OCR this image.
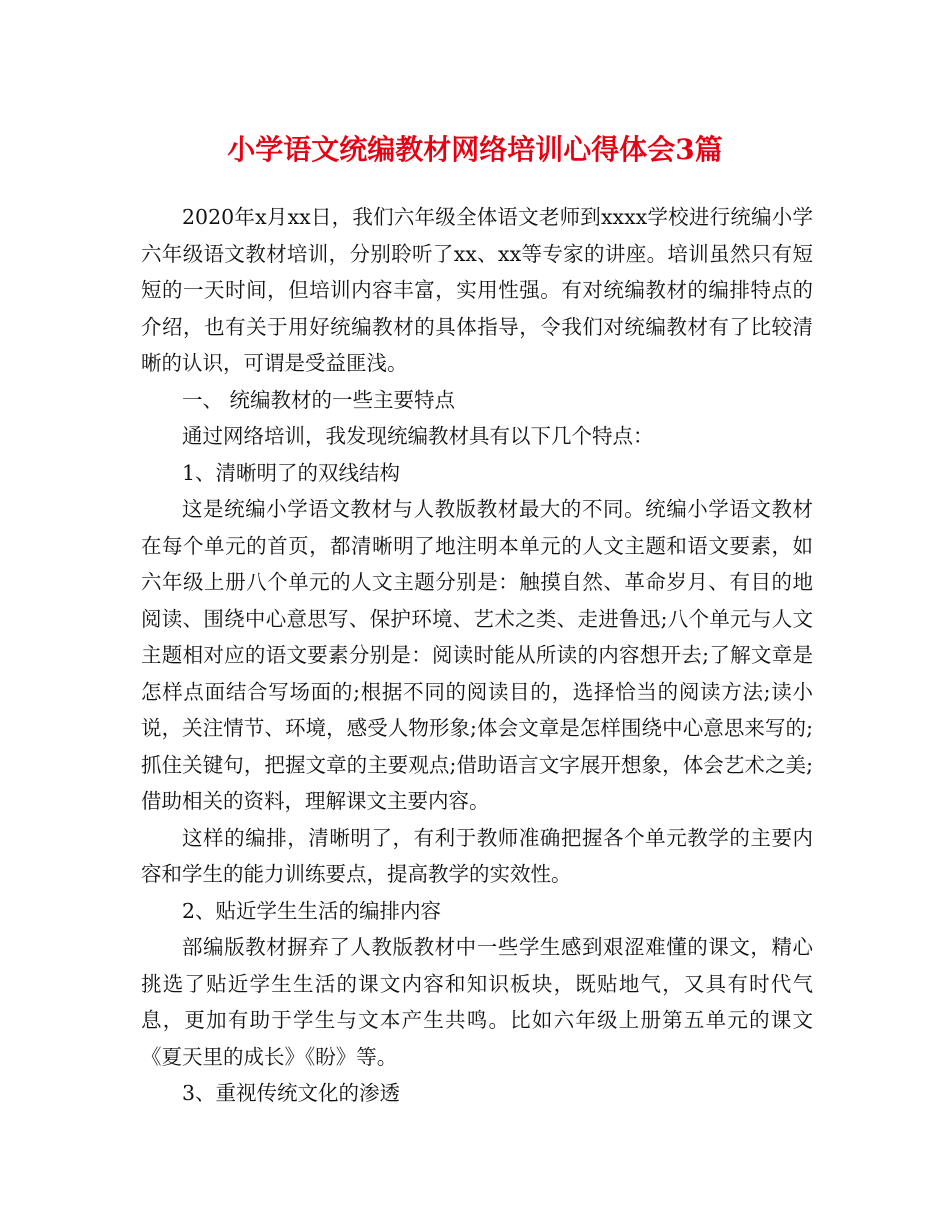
小学语文统编教材网络培训心得体会3篇

2020年x月xx日，我们六年级全体语文老师到xxxx学校进行统编小学六年级语文教材培训，分别聆听了xx、xx等专家的讲座。培训虽然只有短短的一天时间，但培训内容丰富，实用性强。有对统编教材的编排特点的介绍，也有关于用好统编教材的具体指导，令我们对统编教材有了比较清晰的认识，可谓是受益匪浅。

一、 统编教材的一些主要特点

通过网络培训，我发现统编教材具有以下几个特点：

1、清晰明了的双线结构

这是统编小学语文教材与人教版教材最大的不同。统编小学语文教材在每个单元的首页，都清晰明了地注明本单元的人文主题和语文要素，如六年级上册八个单元的人文主题分别是：触摸自然、革命岁月、有目的地阅读、围绕中心意思写、保护环境、艺术之类、走进鲁迅;八个单元与人文主题相对应的语文要素分别是：阅读时能从所读的内容想开去;了解文章是怎样点面结合写场面的;根据不同的阅读目的，选择恰当的阅读方法;读小说，关注情节、环境，感受人物形象;体会文章是怎样围绕中心意思来写的;抓住关键句，把握文章的主要观点;借助语言文字展开想象，体会艺术之美;借助相关的资料，理解课文主要内容。

这样的编排，清晰明了，有利于教师准确把握各个单元教学的主要内容和学生的能力训练要点，提高教学的实效性。

2、贴近学生生活的编排内容

部编版教材摒弃了人教版教材中一些学生感到艰涩难懂的课文，精心挑选了贴近学生生活的课文内容和知识板块，既贴地气，又具有时代气息，更加有助于学生与文本产生共鸣。比如六年级上册第五单元的课文《夏天里的成长》《盼》等。

3、重视传统文化的渗透
